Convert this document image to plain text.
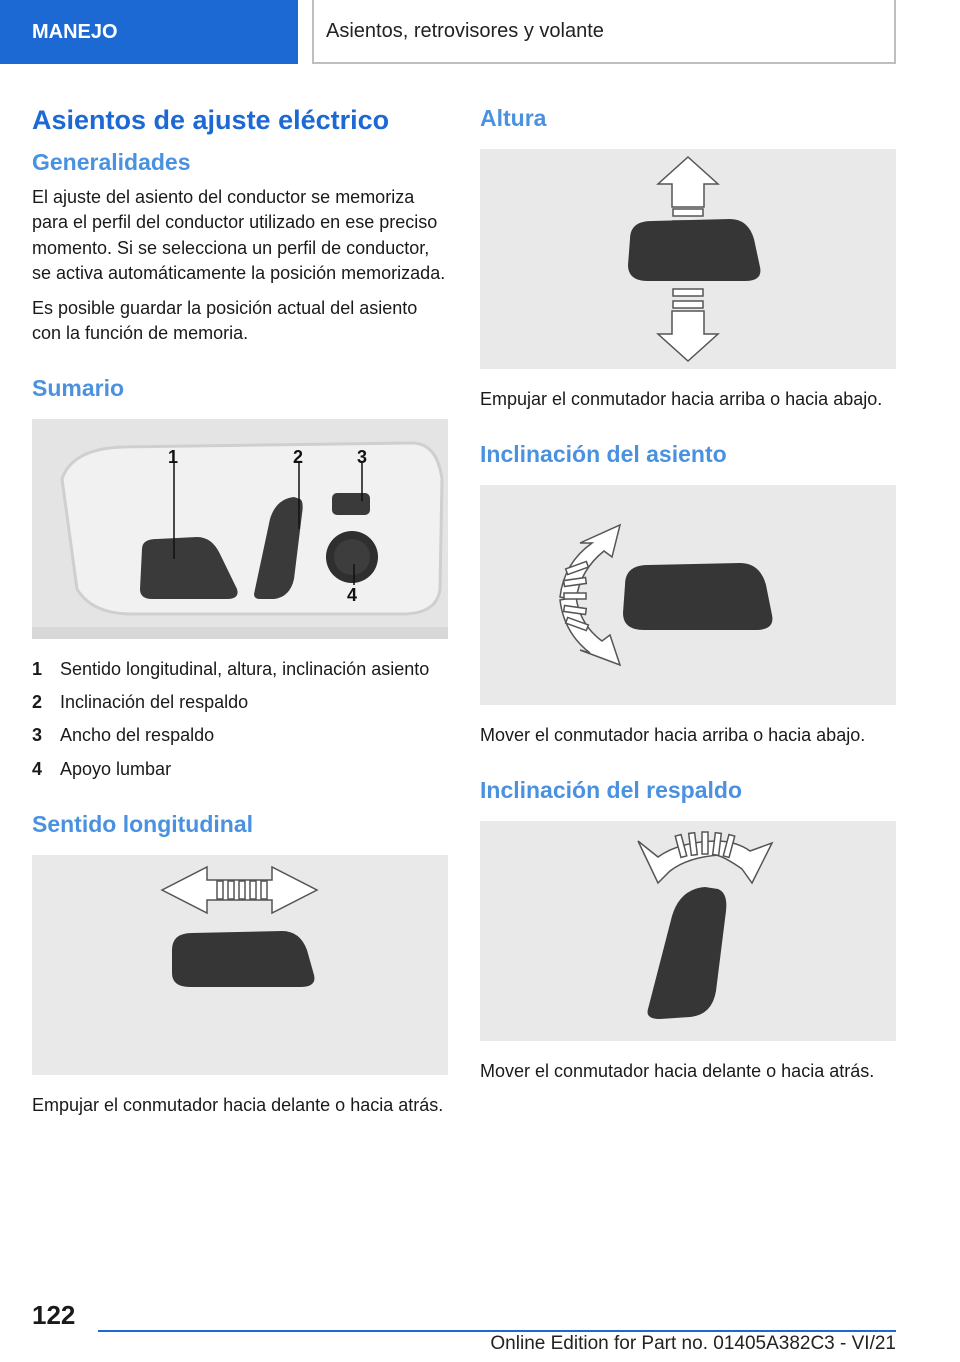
MANEJO	Asientos, retrovisores y volante
Asientos de ajuste eléctrico
Generalidades

El ajuste del asiento del conductor se memoriza para el perfil del conductor utilizado en ese preciso momento. Si se selecciona un perfil de conductor, se activa automáticamente la posición memorizada.

Es posible guardar la posición actual del asiento con la función de memoria.

Sumario
1	2	3
4
1 Sentido longitudinal, altura, inclinación asiento
2 Inclinación del respaldo
3 Ancho del respaldo
4 Apoyo lumbar
Sentido longitudinal

Empujar el conmutador hacia delante o hacia atrás.

Altura

Empujar el conmutador hacia arriba o hacia abajo.

Inclinación del asiento

Mover el conmutador hacia arriba o hacia abajo.

Inclinación del respaldo

Mover el conmutador hacia delante o hacia atrás.

122
Online Edition for Part no. 01405A382C3 - VI/21
